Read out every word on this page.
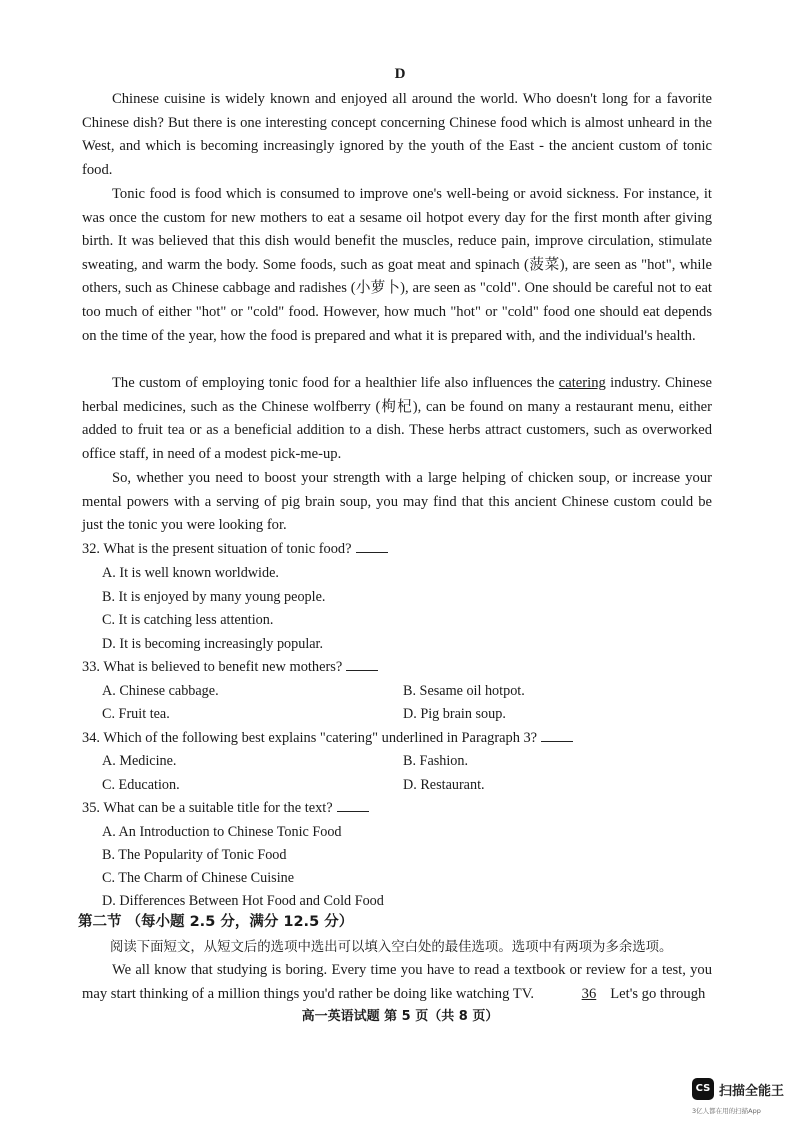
D

Chinese cuisine is widely known and enjoyed all around the world. Who doesn't long for a favorite Chinese dish? But there is one interesting concept concerning Chinese food which is almost unheard in the West, and which is becoming increasingly ignored by the youth of the East - the ancient custom of tonic food.

Tonic food is food which is consumed to improve one's well-being or avoid sickness. For instance, it was once the custom for new mothers to eat a sesame oil hotpot every day for the first month after giving birth. It was believed that this dish would benefit the muscles, reduce pain, improve circulation, stimulate sweating, and warm the body. Some foods, such as goat meat and spinach (菠菜), are seen as "hot", while others, such as Chinese cabbage and radishes (小萝卜), are seen as "cold". One should be careful not to eat too much of either "hot" or "cold" food. However, how much "hot" or "cold" food one should eat depends on the time of the year, how the food is prepared and what it is prepared with, and the individual's health.

The custom of employing tonic food for a healthier life also influences the catering industry. Chinese herbal medicines, such as the Chinese wolfberry (枸杞), can be found on many a restaurant menu, either added to fruit tea or as a beneficial addition to a dish. These herbs attract customers, such as overworked office staff, in need of a modest pick-me-up.

So, whether you need to boost your strength with a large helping of chicken soup, or increase your mental powers with a serving of pig brain soup, you may find that this ancient Chinese custom could be just the tonic you were looking for.

32. What is the present situation of tonic food?
A. It is well known worldwide.
B. It is enjoyed by many young people.
C. It is catching less attention.
D. It is becoming increasingly popular.
33. What is believed to benefit new mothers?
A. Chinese cabbage.	B. Sesame oil hotpot.
C. Fruit tea.	D. Pig brain soup.
34. Which of the following best explains "catering" underlined in Paragraph 3?
A. Medicine.	B. Fashion.
C. Education.	D. Restaurant.
35. What can be a suitable title for the text?
A. An Introduction to Chinese Tonic Food
B. The Popularity of Tonic Food
C. The Charm of Chinese Cuisine
D. Differences Between Hot Food and Cold Food
第二节 （每小题 2.5 分，满分 12.5 分）
阅读下面短文，从短文后的选项中选出可以填入空白处的最佳选项。选项中有两项为多余选项。

We all know that studying is boring. Every time you have to read a textbook or review for a test, you may start thinking of a million things you'd rather be doing like watching TV.	36 Let's go through

高一英语试题 第 5 页（共 8 页）
CS 扫描全能王
3亿人都在用的扫描App
